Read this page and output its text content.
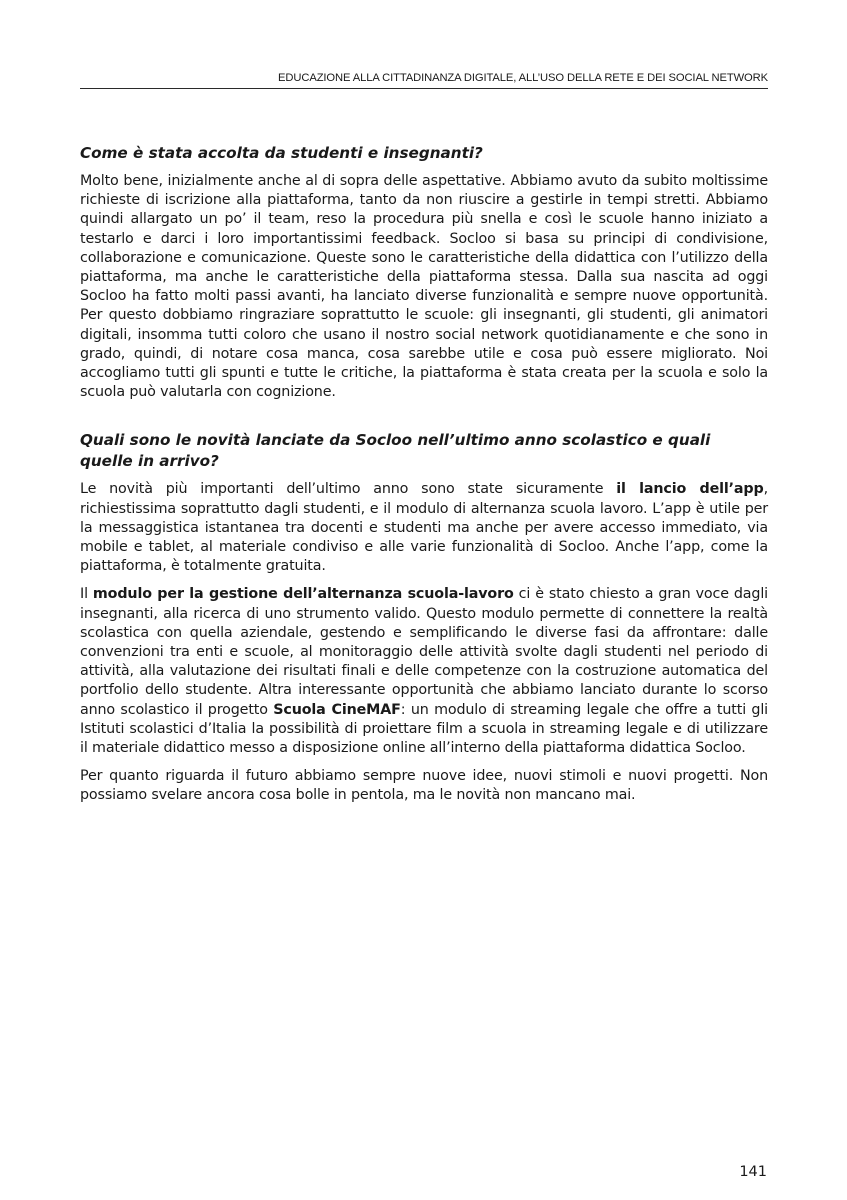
EDUCAZIONE ALLA CITTADINANZA DIGITALE, ALL’USO DELLA RETE E DEI SOCIAL NETWORK
Come è stata accolta da studenti e insegnanti?

Molto bene, inizialmente anche al di sopra delle aspettative. Abbiamo avuto da subito moltissime richieste di iscrizione alla piattaforma, tanto da non riuscire a gestirle in tempi stretti. Abbiamo quindi allargato un po’ il team, reso la procedura più snella e così le scuole hanno iniziato a testarlo e darci i loro importantissimi feedback. Socloo si basa su principi di condivisione, collaborazione e comunicazione. Queste sono le caratteristiche della didattica con l’utilizzo della piattaforma, ma anche le caratteristiche della piattaforma stessa. Dalla sua nascita ad oggi Socloo ha fatto molti passi avanti, ha lanciato diverse funzionalità e sempre nuove opportunità. Per questo dobbiamo ringraziare soprattutto le scuole: gli insegnanti, gli studenti, gli animatori digitali, insomma tutti coloro che usano il nostro social network quotidianamente e che sono in grado, quindi, di notare cosa manca, cosa sarebbe utile e cosa può essere migliorato. Noi accogliamo tutti gli spunti e tutte le critiche, la piattaforma è stata creata per la scuola e solo la scuola può valutarla con cognizione.

Quali sono le novità lanciate da Socloo nell’ultimo anno scolastico e quali quelle in arrivo?

Le novità più importanti dell’ultimo anno sono state sicuramente il lancio dell’app, richiestissima soprattutto dagli studenti, e il modulo di alternanza scuola lavoro. L’app è utile per la messaggistica istantanea tra docenti e studenti ma anche per avere accesso immediato, via mobile e tablet, al materiale condiviso e alle varie funzionalità di Socloo. Anche l’app, come la piattaforma, è totalmente gratuita.

Il modulo per la gestione dell’alternanza scuola-lavoro ci è stato chiesto a gran voce dagli insegnanti, alla ricerca di uno strumento valido. Questo modulo permette di connettere la realtà scolastica con quella aziendale, gestendo e semplificando le diverse fasi da affrontare: dalle convenzioni tra enti e scuole, al monitoraggio delle attività svolte dagli studenti nel periodo di attività, alla valutazione dei risultati finali e delle competenze con la costruzione automatica del portfolio dello studente. Altra interessante opportunità che abbiamo lanciato durante lo scorso anno scolastico il progetto Scuola CineMAF: un modulo di streaming legale che offre a tutti gli Istituti scolastici d’Italia la possibilità di proiettare film a scuola in streaming legale e di utilizzare il materiale didattico messo a disposizione online all’interno della piattaforma didattica Socloo.

Per quanto riguarda il futuro abbiamo sempre nuove idee, nuovi stimoli e nuovi progetti. Non possiamo svelare ancora cosa bolle in pentola, ma le novità non mancano mai.

141
